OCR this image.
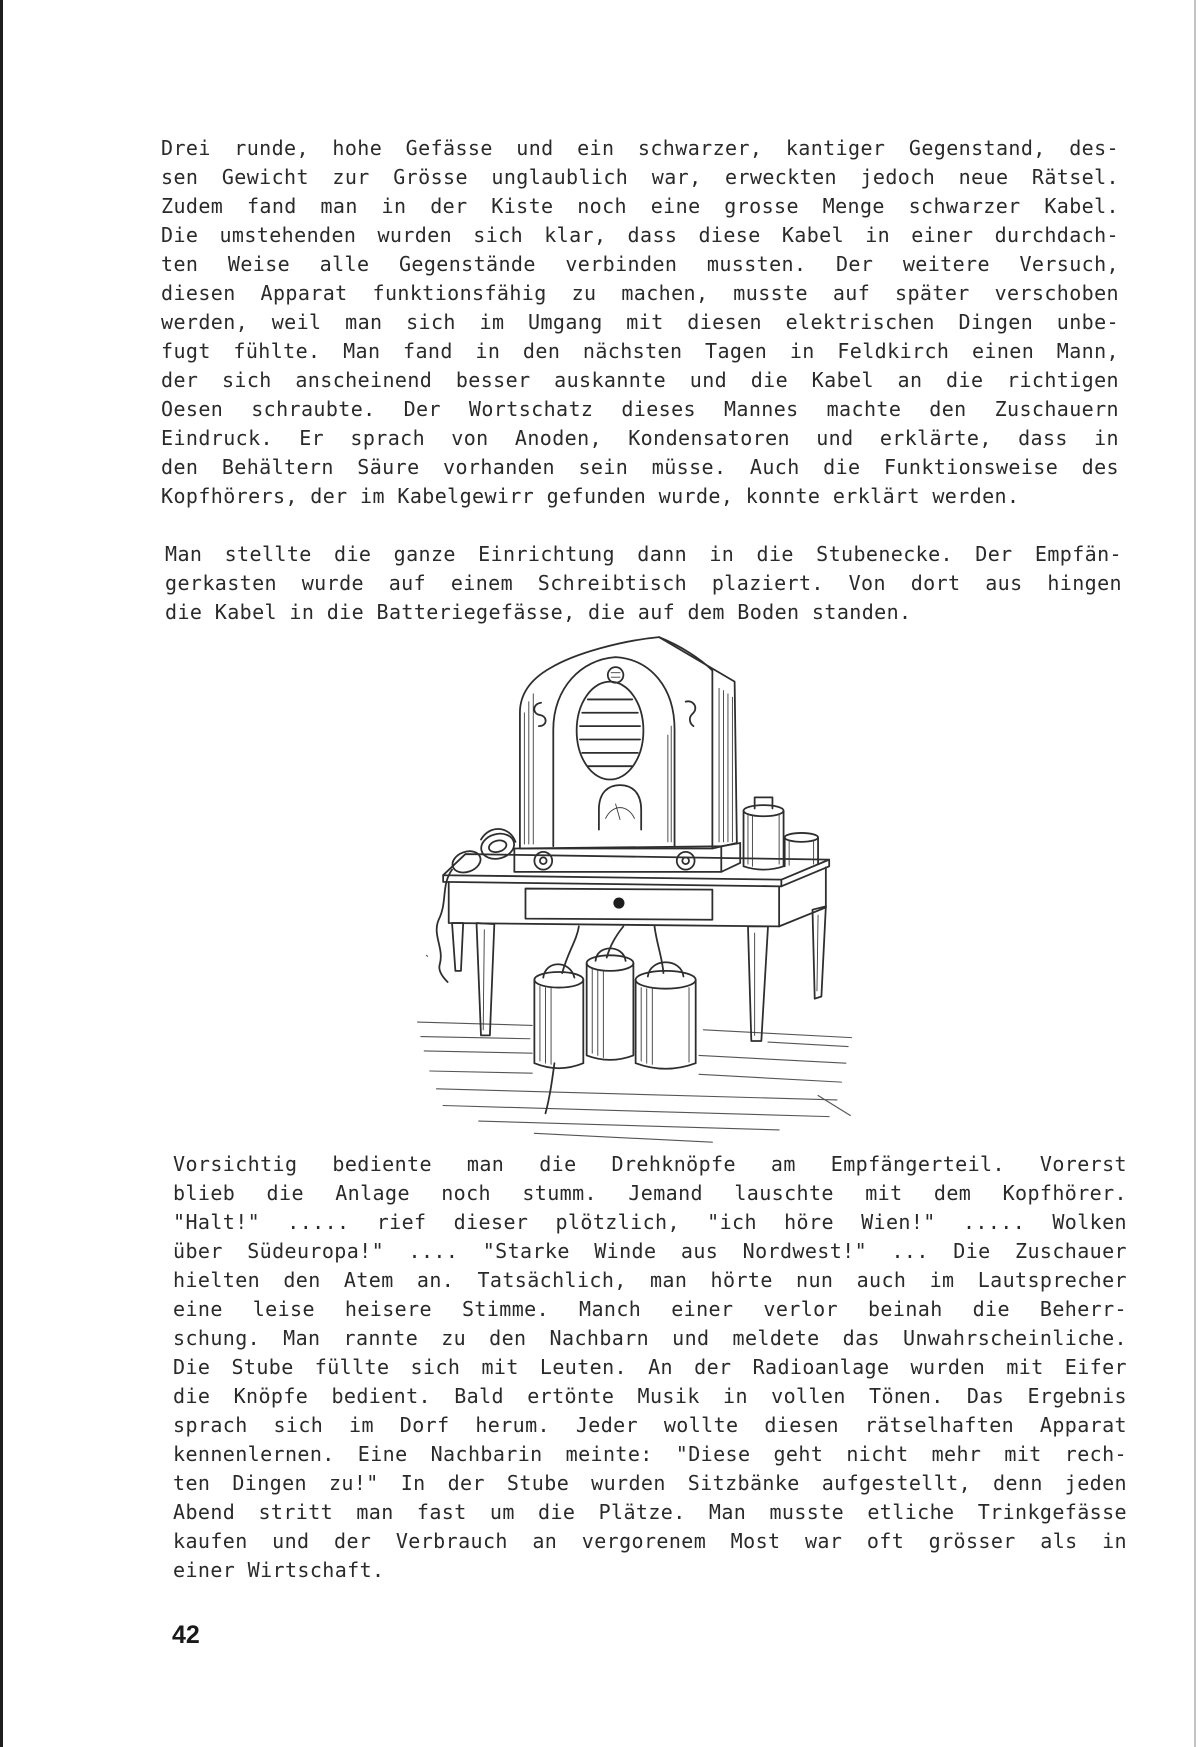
Drei runde, hohe Gefässe und ein schwarzer, kantiger Gegenstand, des-
sen Gewicht zur Grösse unglaublich war, erweckten jedoch neue Rätsel.
Zudem fand man in der Kiste noch eine grosse Menge schwarzer Kabel.
Die umstehenden wurden sich klar, dass diese Kabel in einer durchdach-
ten Weise alle Gegenstände verbinden mussten. Der weitere Versuch,
diesen Apparat funktionsfähig zu machen, musste auf später verschoben
werden, weil man sich im Umgang mit diesen elektrischen Dingen unbe-
fugt fühlte. Man fand in den nächsten Tagen in Feldkirch einen Mann,
der sich anscheinend besser auskannte und die Kabel an die richtigen
Oesen schraubte. Der Wortschatz dieses Mannes machte den Zuschauern
Eindruck. Er sprach von Anoden, Kondensatoren und erklärte, dass in
den Behältern Säure vorhanden sein müsse. Auch die Funktionsweise des
Kopfhörers, der im Kabelgewirr gefunden wurde, konnte erklärt werden.
Man stellte die ganze Einrichtung dann in die Stubenecke. Der Empfän-
gerkasten wurde auf einem Schreibtisch plaziert. Von dort aus hingen
die Kabel in die Batteriegefässe, die auf dem Boden standen.
Vorsichtig bediente man die Drehknöpfe am Empfängerteil. Vorerst
blieb die Anlage noch stumm. Jemand lauschte mit dem Kopfhörer.
"Halt!" ..... rief dieser plötzlich, "ich höre Wien!" ..... Wolken
über Südeuropa!" .... "Starke Winde aus Nordwest!" ... Die Zuschauer
hielten den Atem an. Tatsächlich, man hörte nun auch im Lautsprecher
eine leise heisere Stimme. Manch einer verlor beinah die Beherr-
schung. Man rannte zu den Nachbarn und meldete das Unwahrscheinliche.
Die Stube füllte sich mit Leuten. An der Radioanlage wurden mit Eifer
die Knöpfe bedient. Bald ertönte Musik in vollen Tönen. Das Ergebnis
sprach sich im Dorf herum. Jeder wollte diesen rätselhaften Apparat
kennenlernen. Eine Nachbarin meinte: "Diese geht nicht mehr mit rech-
ten Dingen zu!" In der Stube wurden Sitzbänke aufgestellt, denn jeden
Abend stritt man fast um die Plätze. Man musste etliche Trinkgefässe
kaufen und der Verbrauch an vergorenem Most war oft grösser als in
einer Wirtschaft.
42
